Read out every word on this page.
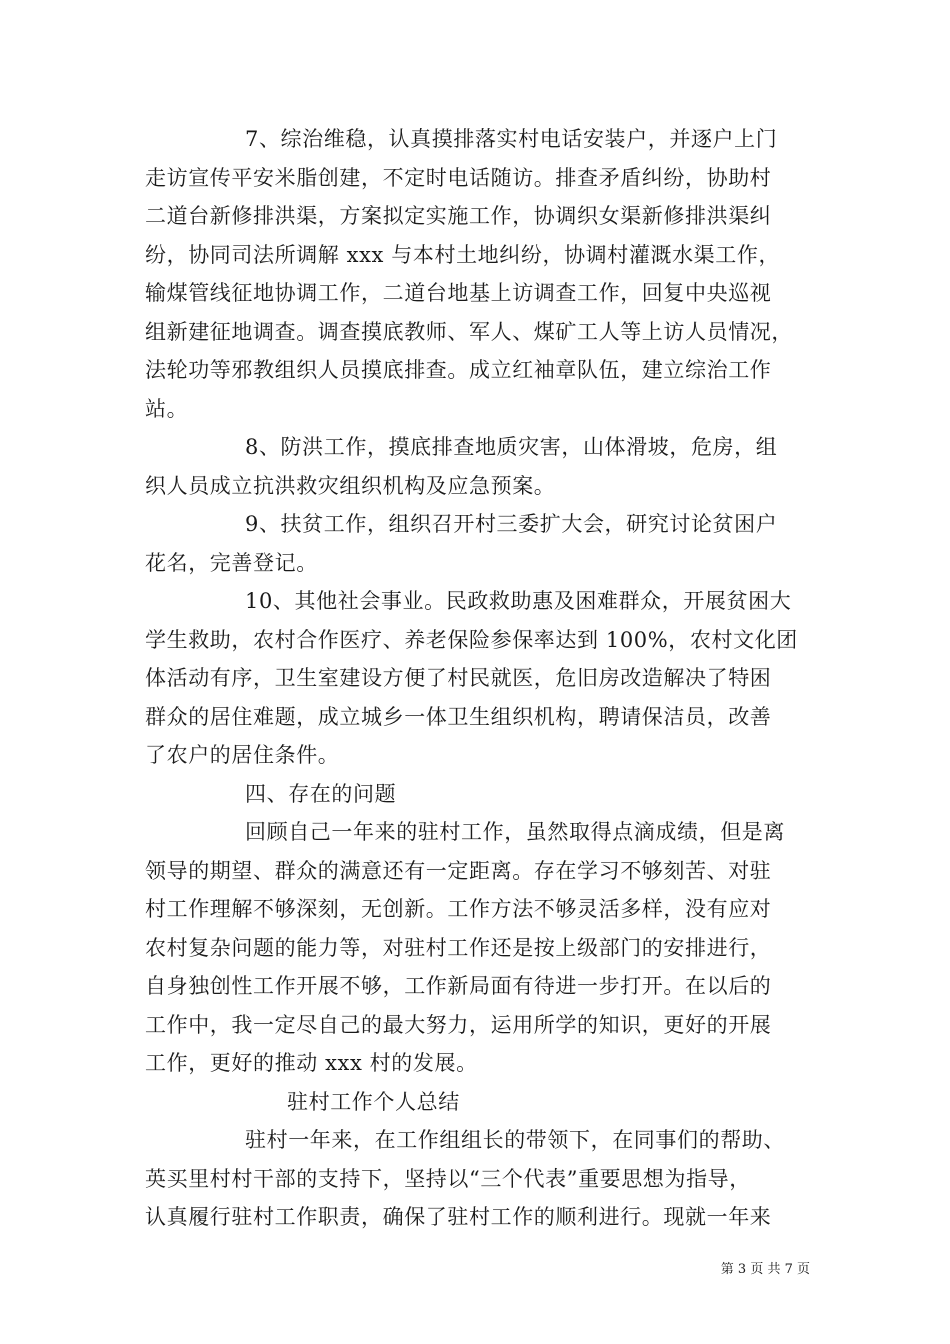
7、综治维稳，认真摸排落实村电话安装户，并逐户上门
走访宣传平安米脂创建，不定时电话随访。排查矛盾纠纷，协助村
二道台新修排洪渠，方案拟定实施工作，协调织女渠新修排洪渠纠
纷，协同司法所调解 xxx 与本村土地纠纷，协调村灌溉水渠工作，
输煤管线征地协调工作，二道台地基上访调查工作，回复中央巡视
组新建征地调查。调查摸底教师、军人、煤矿工人等上访人员情况，
法轮功等邪教组织人员摸底排查。成立红袖章队伍，建立综治工作
站。
8、防洪工作，摸底排查地质灾害，山体滑坡，危房，组
织人员成立抗洪救灾组织机构及应急预案。
9、扶贫工作，组织召开村三委扩大会，研究讨论贫困户
花名，完善登记。
10、其他社会事业。民政救助惠及困难群众，开展贫困大
学生救助，农村合作医疗、养老保险参保率达到 100%，农村文化团
体活动有序，卫生室建设方便了村民就医，危旧房改造解决了特困
群众的居住难题，成立城乡一体卫生组织机构，聘请保洁员，改善
了农户的居住条件。
四、存在的问题
回顾自己一年来的驻村工作，虽然取得点滴成绩，但是离
领导的期望、群众的满意还有一定距离。存在学习不够刻苦、对驻
村工作理解不够深刻，无创新。工作方法不够灵活多样，没有应对
农村复杂问题的能力等，对驻村工作还是按上级部门的安排进行，
自身独创性工作开展不够，工作新局面有待进一步打开。在以后的
工作中，我一定尽自己的最大努力，运用所学的知识，更好的开展
工作，更好的推动 xxx 村的发展。
驻村工作个人总结
驻村一年来，在工作组组长的带领下，在同事们的帮助、
英买里村村干部的支持下，坚持以“三个代表”重要思想为指导，
认真履行驻村工作职责，确保了驻村工作的顺利进行。现就一年来
第 3 页 共 7 页
